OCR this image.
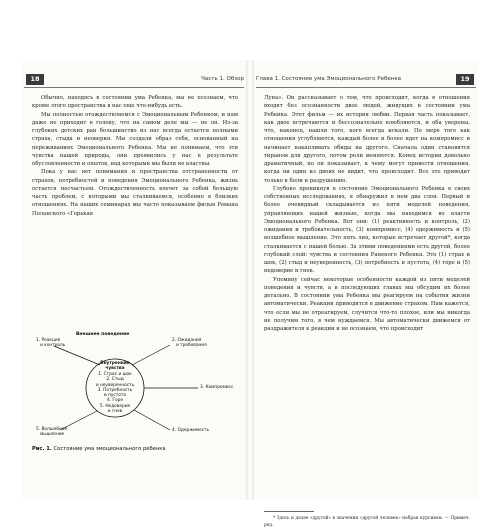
18	Часть 1. Обзор

Обычно, находясь в состоянии ума Ребенка, мы не осознаем, что кроме этого пространства в нас еще что-нибудь есть.

Мы полностью отождествляемся с Эмоциональным Ребенком, и нам даже не приходит в голову, что на самом деле мы — не он. Из-за глубоких детских ран большинство из нас всегда остается полными страха, стыда и неоверия. Мы создали образ себя, основанный на переживаниях Эмоционального Ребенка. Мы не понимаем, что эти чувства нашей природы, они проявились у нас в результате обусловленности и опытов, над которыми мы были не властны.

Пока у нас нет понимания и пространства отстраненности от страхов, потребностей и поведения Эмоционального Ребенка, жизнь остается несчастьем. Отождествленность влечет за собой большую часть проблем, с которыми мы сталкиваемся, особенно в близких отношениях. На наших семинарах мы часто показываем фильм Романа Поланского «Горькая

Внешнее поведение
1. Реакция
и контроль
2. Ожидания
и требования
3. Компромисс
4. Одержимость
5. Волшебное
мышление
Внутренние чувства
1. Страх и шок
2. Стыд
и неуверенность
3. Потребность
и пустота
4. Горе
5. Недоверие
и гнев
Рис. 1. Состояние ума эмоционального ребенка
Глава 1. Состояние ума Эмоционального Ребенка	19

Луна». Он рассказывает о том, что происходит, когда в отношения входят без осознанности двое людей, живущих в состоянии ума Ребенка. Этот фильм — их история любви. Первая часть показывает, как двое встречаются и бессознательно влюбляются, и оба уверены, что, наконец, нашли того, кого всегда искали. По мере того как отношения углубляются, каждый более и более идет на компромисс и начинает накапливать обиды на другого. Сначала один становится тираном для другого, потом роли меняются. Конец истории довольно драматичный, но он показывает, к чему могут привести отношения, когда ни один из двоих не видит, что происходит. Все это приводит только к боли и разрушению.

Глубоко проникнув в состояние Эмоционального Ребенка в своих собственных исследованиях, я обнаружил в нем два слоя. Первый и более очевидный складывается из пяти моделей поведения, управляющих нашей жизнью, когда мы находимся во власти Эмоционального Ребенка. Вот они: (1) реактивность и контроль, (2) ожидания и требовательность, (3) компромисс, (4) одержимость и (5) волшебное мышление. Это пять лиц, которые встречает другой*, когда сталкивается с нашей болью. За этими поведениями есть другой, более глубокий слой: чувства и состояния Раненого Ребенка. Это (1) страх и шок, (2) стыд и неуверенность, (3) потребность и пустота, (4) горе и (5) недоверие и гнев.

Упомяну сейчас некоторые особенности каждой из пяти моделей поведения и чувств, а в последующих главах мы обсудим их более детально. В состоянии ума Ребенка мы реагируем на события жизни автоматически. Реакции приводятся в движение страхом. Нам кажется, что если мы не отреагируем, случится что-то плохое, или мы никогда не получим того, в чем нуждаемся. Мы автоматически движемся от раздражителя к реакции и не осознаем, что происходит

* Здесь и далее «другой» в значении «другой человек» набран курсивом. — Примеч. ред.
